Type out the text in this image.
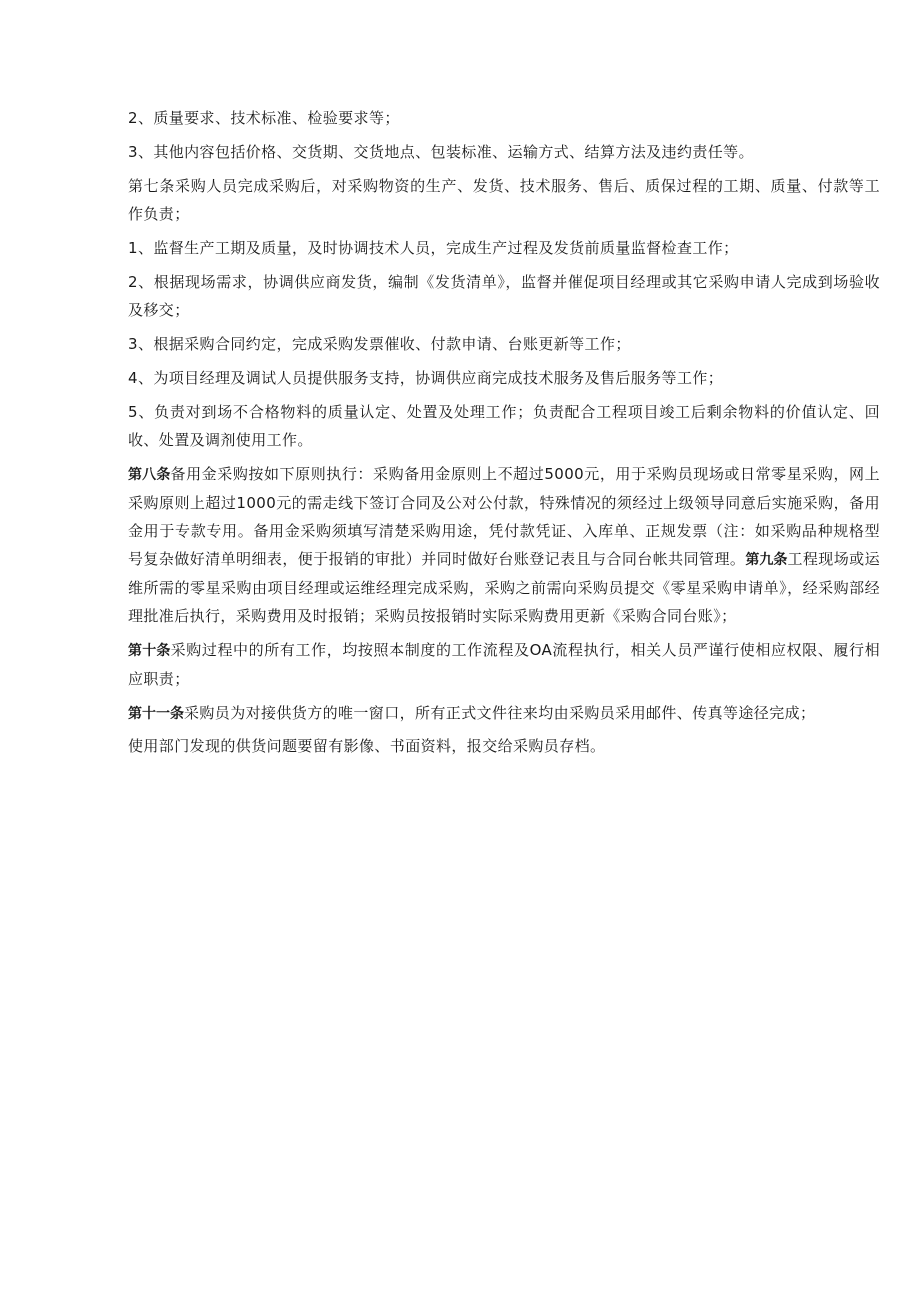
2、质量要求、技术标准、检验要求等；

3、其他内容包括价格、交货期、交货地点、包装标准、运输方式、结算方法及违约责任等。

第七条采购人员完成采购后，对采购物资的生产、发货、技术服务、售后、质保过程的工期、质量、付款等工作负责；

1、监督生产工期及质量，及时协调技术人员，完成生产过程及发货前质量监督检查工作；

2、根据现场需求，协调供应商发货，编制《发货清单》，监督并催促项目经理或其它采购申请人完成到场验收及移交；

3、根据采购合同约定，完成采购发票催收、付款申请、台账更新等工作；

4、为项目经理及调试人员提供服务支持，协调供应商完成技术服务及售后服务等工作；

5、负责对到场不合格物料的质量认定、处置及处理工作；负责配合工程项目竣工后剩余物料的价值认定、回收、处置及调剂使用工作。

第八条备用金采购按如下原则执行：采购备用金原则上不超过5000元，用于采购员现场或日常零星采购，网上采购原则上超过1000元的需走线下签订合同及公对公付款，特殊情况的须经过上级领导同意后实施采购，备用金用于专款专用。备用金采购须填写清楚采购用途，凭付款凭证、入库单、正规发票（注：如采购品种规格型号复杂做好清单明细表，便于报销的审批）并同时做好台账登记表且与合同台帐共同管理。第九条工程现场或运维所需的零星采购由项目经理或运维经理完成采购，采购之前需向采购员提交《零星采购申请单》，经采购部经理批准后执行，采购费用及时报销；采购员按报销时实际采购费用更新《采购合同台账》；

第十条采购过程中的所有工作，均按照本制度的工作流程及OA流程执行，相关人员严谨行使相应权限、履行相应职责；

第十一条采购员为对接供货方的唯一窗口，所有正式文件往来均由采购员采用邮件、传真等途径完成；

使用部门发现的供货问题要留有影像、书面资料，报交给采购员存档。
